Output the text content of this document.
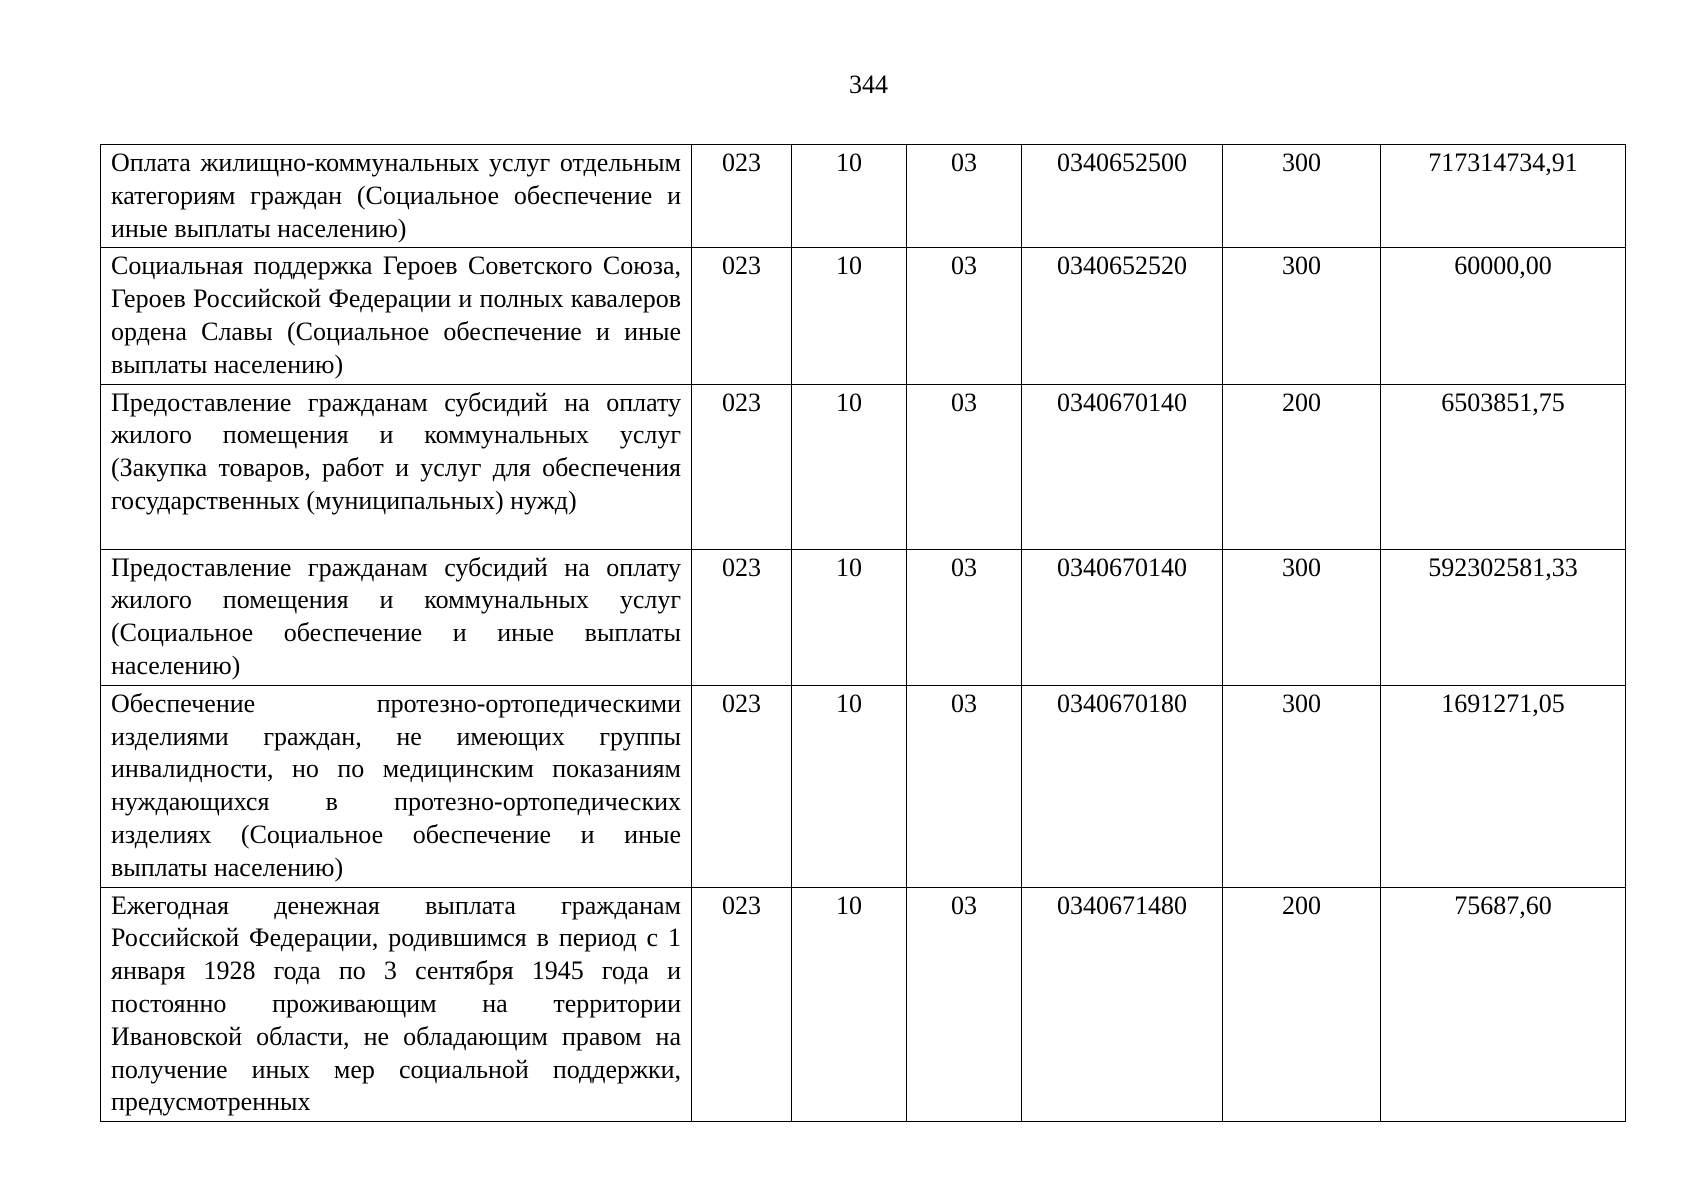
344
Оплата жилищно-коммунальных услуг отдельным категориям граждан (Социальное обеспечение и иные выплаты населению)	023	10	03	0340652500	300	717314734,91
Социальная поддержка Героев Советского Союза, Героев Российской Федерации и полных кавалеров ордена Славы (Социальное обеспечение и иные выплаты населению)	023	10	03	0340652520	300	60000,00
Предоставление гражданам субсидий на оплату жилого помещения и коммунальных услуг (Закупка товаров, работ и услуг для обеспечения государственных (муниципальных) нужд)	023	10	03	0340670140	200	6503851,75
Предоставление гражданам субсидий на оплату жилого помещения и коммунальных услуг (Социальное обеспечение и иные выплаты населению)	023	10	03	0340670140	300	592302581,33
Обеспечение протезно-ортопедическими изделиями граждан, не имеющих группы инвалидности, но по медицинским показаниям нуждающихся в протезно-ортопедических изделиях (Социальное обеспечение и иные выплаты населению)	023	10	03	0340670180	300	1691271,05
Ежегодная денежная выплата гражданам Российской Федерации, родившимся в период с 1 января 1928 года по 3 сентября 1945 года и постоянно проживающим на территории Ивановской области, не обладающим правом на получение иных мер социальной поддержки, предусмотренных	023	10	03	0340671480	200	75687,60
